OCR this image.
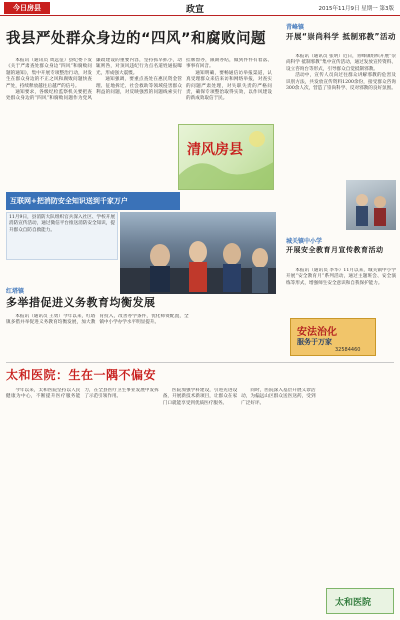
今日房县	政宣	2015年11月9日 星期一 第3版
我县严处群众身边的“四风”和腐败问题

本报讯（通讯员 周远征）县纪委下发《关于严肃查处群众身边“四风”和腐败问题的通知》，集中开展专项整治行动，对发生在群众身边的不正之风和腐败问题快查严处，持续释放越往后越严的信号。

通知要求，各级纪检监察机关要把查处群众身边的“四风”和腐败问题作为党风廉政建设的重要内容，坚持抓早抓小，动辄则咎，对顶风违纪行为点名道姓通报曝光，形成强大震慑。

通知强调，要重点查处在惠民资金管理、征地拆迁、社会救助等领域侵害群众利益的问题，对反映强烈的问题线索实行挂牌督办，限期办结，做到件件有着落、事事有回音。

通知明确，要畅通信访举报渠道，认真受理群众来信来访和网络举报，对查实的问题严肃处理，对失职失责的严格问责，确保专项整治取得实效，以作风建设的新成效取信于民。

清风房县
互联网+把消防安全知识送到千家万户
11月9日，县消防大队组织官兵深入社区、学校开展消防宣传活动，通过微信平台推送消防安全知识，提升群众自防自救能力。
青峰镇
开展“崇尚科学 抵制邪教”活动

本报讯（通讯员 张明）近日，青峰镇组织开展“崇尚科学 抵制邪教”集中宣传活动，通过发放宣传资料、设立咨询台等形式，引导群众自觉抵制邪教。

活动中，宣传人员向过往群众讲解邪教的危害及识别方法，共发放宣传资料1200余份，接受群众咨询300余人次，营造了崇尚科学、反对邪教的良好氛围。

城关镇中小学
开展安全教育月宣传教育活动

本报讯（通讯员 李华）11月以来，城关镇中小学开展“安全教育月”系列活动，通过主题班会、安全演练等形式，增强师生安全意识和自我保护能力。

安法治化
服务于万家
32584460
红塔镇
多举措促进义务教育均衡发展

本报讯（通讯员 王勇）今年以来，红塔镇多措并举促进义务教育均衡发展，加大教育投入，改善办学条件，优化师资配置，全镇中小学办学水平明显提升。

太和医院：生在一隅不偏安

今年以来，太和医院坚持以人民健康为中心，不断提升医疗服务能力，在全县医疗卫生事业发展中发挥了示范引领作用。

医院加强学科建设，引进先进设备，开展新技术新项目，让群众在家门口就能享受到优质医疗服务。

同时，医院深入基层开展义诊活动，为偏远山区群众送医送药，受到广泛好评。

太和医院
